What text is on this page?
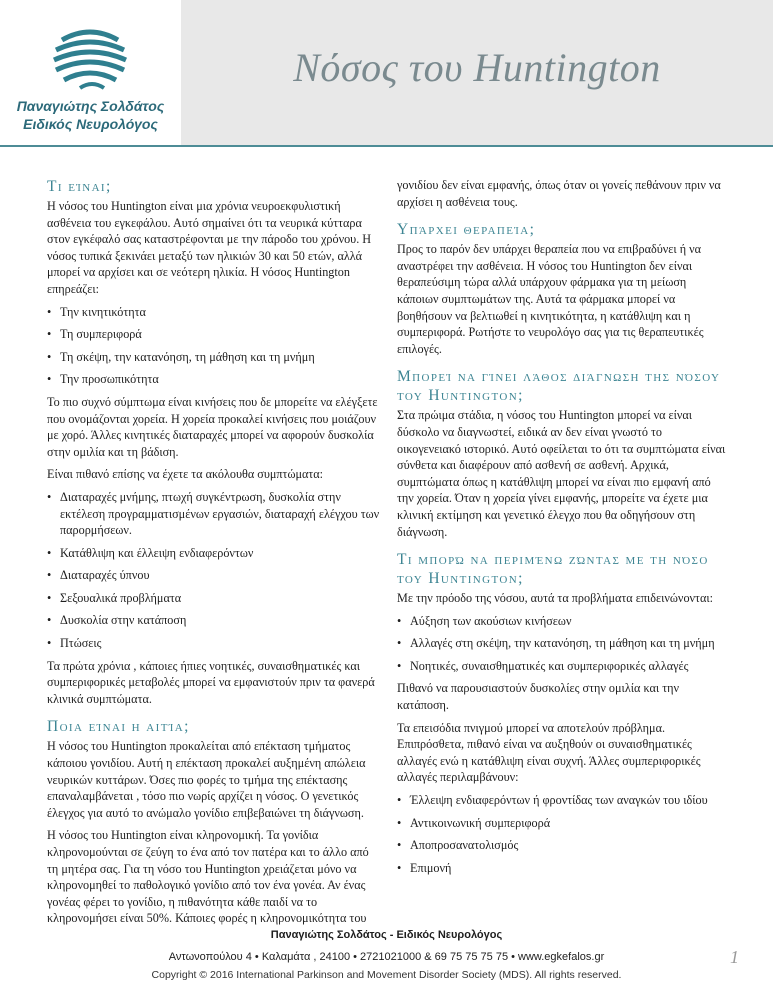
Παναγιώτης Σολδάτος
Ειδικός Νευρολόγος
Νόσος του Huntington
Τι είναι;

Η νόσος του Huntington είναι μια χρόνια νευροεκφυλιστική ασθένεια του εγκεφάλου. Αυτό σημαίνει ότι τα νευρικά κύτταρα στον εγκέφαλό σας καταστρέφονται με την πάροδο του χρόνου. Η νόσος τυπικά ξεκινάει μεταξύ των ηλικιών 30 και 50 ετών, αλλά μπορεί να αρχίσει και σε νεότερη ηλικία. Η νόσος Huntington επηρεάζει:

• Την κινητικότητα
• Τη συμπεριφορά
• Τη σκέψη, την κατανόηση, τη μάθηση και τη μνήμη
• Την προσωπικότητα

Το πιο συχνό σύμπτωμα είναι κινήσεις που δε μπορείτε να ελέγξετε που ονομάζονται χορεία. Η χορεία προκαλεί κινήσεις που μοιάζουν με χορό. Άλλες κινητικές διαταραχές μπορεί να αφορούν δυσκολία στην ομιλία και τη βάδιση.

Είναι πιθανό επίσης να έχετε τα ακόλουθα συμπτώματα:

• Διαταραχές μνήμης, πτωχή συγκέντρωση, δυσκολία στην εκτέλεση προγραμματισμένων εργασιών, διαταραχή ελέγχου των παρορμήσεων.
• Κατάθλιψη και έλλειψη ενδιαφερόντων
• Διαταραχές ύπνου
• Σεξουαλικά προβλήματα
• Δυσκολία στην κατάποση
• Πτώσεις

Τα πρώτα χρόνια , κάποιες ήπιες νοητικές, συναισθηματικές και συμπεριφορικές μεταβολές μπορεί να εμφανιστούν πριν τα φανερά κλινικά συμπτώματα.

Ποια είναι η αιτία;

Η νόσος του Huntington προκαλείται από επέκταση τμήματος κάποιου γονιδίου. Αυτή η επέκταση προκαλεί αυξημένη απώλεια νευρικών κυττάρων. Όσες πιο φορές το τμήμα της επέκτασης επαναλαμβάνεται , τόσο πιο νωρίς αρχίζει η νόσος. Ο γενετικός έλεγχος για αυτό το ανώμαλο γονίδιο επιβεβαιώνει τη διάγνωση.

Η νόσος του Huntington είναι κληρονομική. Τα γονίδια κληρονομούνται σε ζεύγη το ένα από τον πατέρα και το άλλο από τη μητέρα σας. Για τη νόσο του Huntington χρειάζεται μόνο να κληρονομηθεί το παθολογικό γονίδιο από τον ένα γονέα. Αν ένας γονέας φέρει το γονίδιο, η πιθανότητα κάθε παιδί να το κληρονομήσει είναι 50%. Κάποιες φορές η κληρονομικότητα του

γονιδίου δεν είναι εμφανής, όπως όταν οι γονείς πεθάνουν πριν να αρχίσει η ασθένεια τους.

Υπάρχει θεραπεία;

Προς το παρόν δεν υπάρχει θεραπεία που να επιβραδύνει ή να αναστρέφει την ασθένεια. Η νόσος του Huntington δεν είναι θεραπεύσιμη τώρα αλλά υπάρχουν φάρμακα για τη μείωση κάποιων συμπτωμάτων της. Αυτά τα φάρμακα μπορεί να βοηθήσουν να βελτιωθεί η κινητικότητα, η κατάθλιψη και η συμπεριφορά. Ρωτήστε το νευρολόγο σας για τις θεραπευτικές επιλογές.

Μπορεί να γίνει λάθος διάγνωση της νόσου του Huntington;

Στα πρώιμα στάδια, η νόσος του Huntington μπορεί να είναι δύσκολο να διαγνωστεί, ειδικά αν δεν είναι γνωστό το οικογενειακό ιστορικό. Αυτό οφείλεται το ότι τα συμπτώματα είναι σύνθετα και διαφέρουν από ασθενή σε ασθενή. Αρχικά, συμπτώματα όπως η κατάθλιψη μπορεί να είναι πιο εμφανή από την χορεία. Όταν η χορεία γίνει εμφανής, μπορείτε να έχετε μια κλινική εκτίμηση και γενετικό έλεγχο που θα οδηγήσουν στη διάγνωση.

Τι μπορώ να περιμένω ζώντας με τη νόσο του Huntington;

Με την πρόοδο της νόσου, αυτά τα προβλήματα επιδεινώνονται:

• Αύξηση των ακούσιων κινήσεων
• Αλλαγές στη σκέψη, την κατανόηση, τη μάθηση και τη μνήμη
• Νοητικές, συναισθηματικές και συμπεριφορικές αλλαγές

Πιθανό να παρουσιαστούν δυσκολίες στην ομιλία και την κατάποση.

Τα επεισόδια πνιγμού μπορεί να αποτελούν πρόβλημα. Επιπρόσθετα, πιθανό είναι να αυξηθούν οι συναισθηματικές αλλαγές ενώ η κατάθλιψη είναι συχνή. Άλλες συμπεριφορικές αλλαγές περιλαμβάνουν:

• Έλλειψη ενδιαφερόντων ή φροντίδας των αναγκών του ιδίου
• Αντικοινωνική συμπεριφορά
• Αποπροσανατολισμός
• Επιμονή
Παναγιώτης Σολδάτος - Ειδικός Νευρολόγος
Αντωνοπούλου 4 • Καλαμάτα , 24100 • 2721021000 & 69 75 75 75 75 • www.egkefalos.gr
Copyright © 2016 International Parkinson and Movement Disorder Society (MDS). All rights reserved.
1
